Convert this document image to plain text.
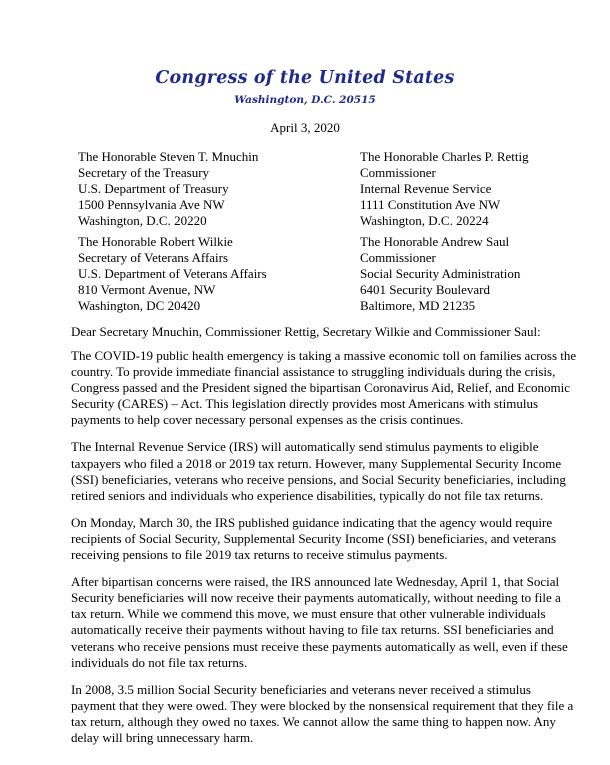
Congress of the United States
Washington, D.C. 20515
April 3, 2020
The Honorable Steven T. Mnuchin
Secretary of the Treasury
U.S. Department of Treasury
1500 Pennsylvania Ave NW
Washington, D.C. 20220
The Honorable Charles P. Rettig
Commissioner
Internal Revenue Service
1111 Constitution Ave NW
Washington, D.C. 20224
The Honorable Robert Wilkie
Secretary of Veterans Affairs
U.S. Department of Veterans Affairs
810 Vermont Avenue, NW
Washington, DC 20420
The Honorable Andrew Saul
Commissioner
Social Security Administration
6401 Security Boulevard
Baltimore, MD 21235
Dear Secretary Mnuchin, Commissioner Rettig, Secretary Wilkie and Commissioner Saul:

The COVID-19 public health emergency is taking a massive economic toll on families across the
country. To provide immediate financial assistance to struggling individuals during the crisis,
Congress passed and the President signed the bipartisan Coronavirus Aid, Relief, and Economic
Security (CARES) – Act. This legislation directly provides most Americans with stimulus
payments to help cover necessary personal expenses as the crisis continues.

The Internal Revenue Service (IRS) will automatically send stimulus payments to eligible
taxpayers who filed a 2018 or 2019 tax return. However, many Supplemental Security Income
(SSI) beneficiaries, veterans who receive pensions, and Social Security beneficiaries, including
retired seniors and individuals who experience disabilities, typically do not file tax returns.

On Monday, March 30, the IRS published guidance indicating that the agency would require
recipients of Social Security, Supplemental Security Income (SSI) beneficiaries, and veterans
receiving pensions to file 2019 tax returns to receive stimulus payments.

After bipartisan concerns were raised, the IRS announced late Wednesday, April 1, that Social
Security beneficiaries will now receive their payments automatically, without needing to file a
tax return. While we commend this move, we must ensure that other vulnerable individuals
automatically receive their payments without having to file tax returns. SSI beneficiaries and
veterans who receive pensions must receive these payments automatically as well, even if these
individuals do not file tax returns.

In 2008, 3.5 million Social Security beneficiaries and veterans never received a stimulus
payment that they were owed. They were blocked by the nonsensical requirement that they file a
tax return, although they owed no taxes. We cannot allow the same thing to happen now. Any
delay will bring unnecessary harm.
